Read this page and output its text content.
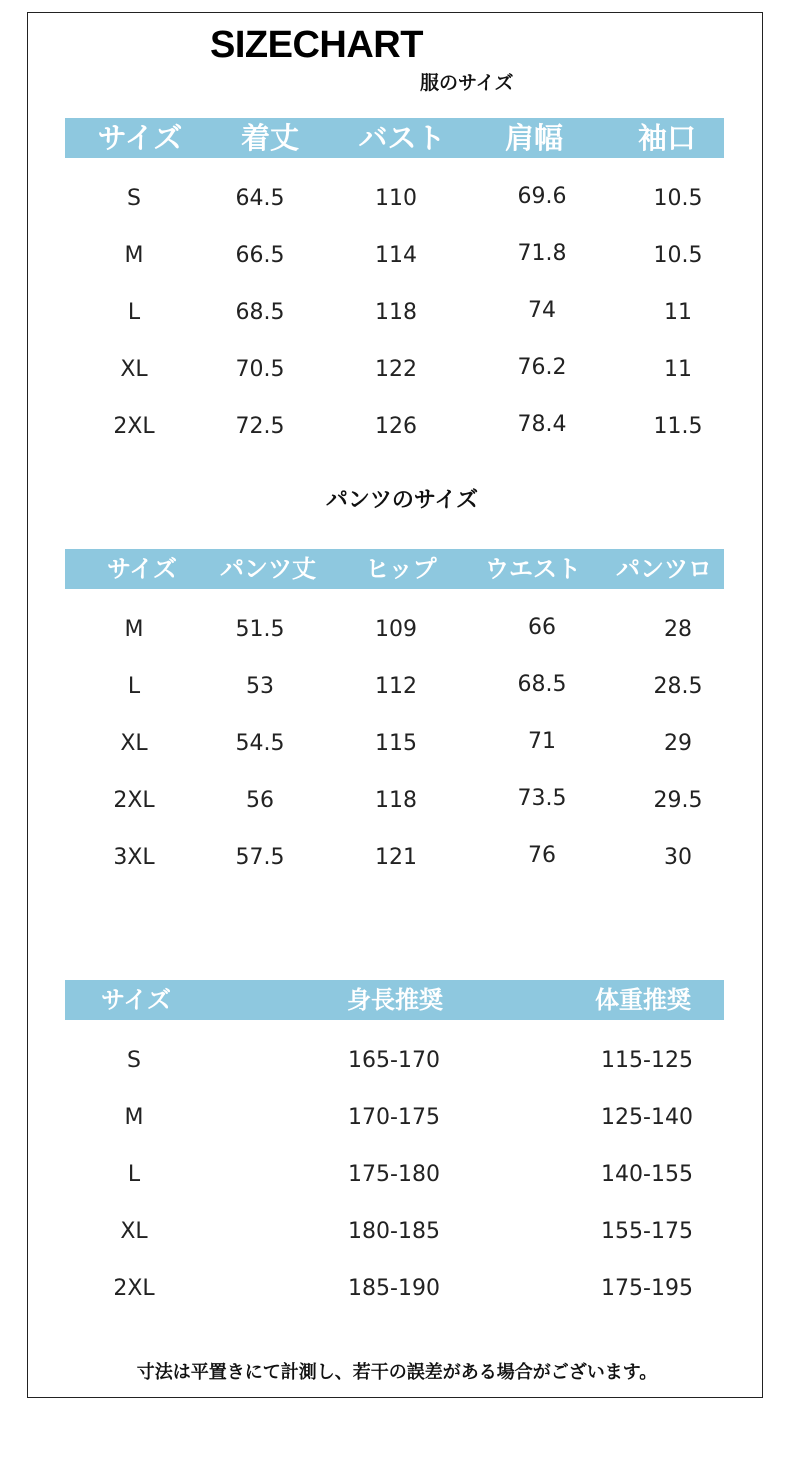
SIZECHART
服のサイズ
サイズ 着丈 バスト 肩幅	袖口
S	64.5	110	69.6	10.5
M	66.5	114	71.8	10.5
L	68.5	118	74	11
XL	70.5	122	76.2	11
2XL	72.5	126	78.4	11.5
パンツのサイズ
サイズ パンツ丈 ヒップ ウエスト パンツロ
M	51.5	109	66	28
L	53	112	68.5	28.5
XL	54.5	115	71	29
2XL	56	118	73.5	29.5
3XL	57.5	121	76	30
サイズ	身長推奨	体重推奨
S	165-170	115-125
M	170-175	125-140
L	175-180	140-155
XL	180-185	155-175
2XL	185-190	175-195
寸法は平置きにて計測し、若干の誤差がある場合がございます。
